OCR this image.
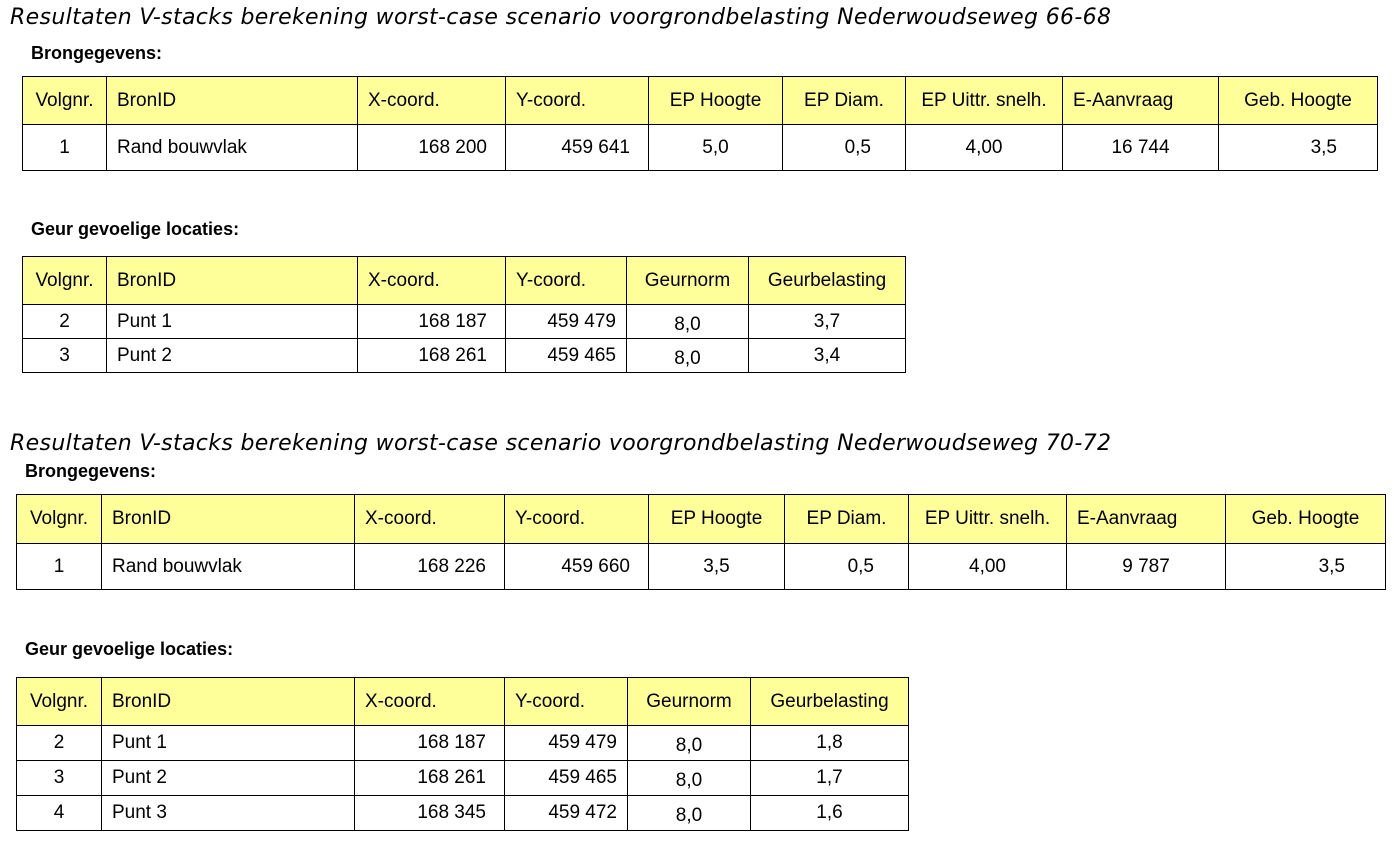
Resultaten V-stacks berekening worst-case scenario voorgrondbelasting Nederwoudseweg 66-68
Brongegevens:
Volgnr.	BronID	X-coord.	Y-coord.	EP Hoogte	EP Diam.	EP Uittr. snelh.	E-Aanvraag	Geb. Hoogte
1	Rand bouwvlak	168 200	459 641	5,0	0,5	4,00	16 744	3,5
Geur gevoelige locaties:
Volgnr.	BronID	X-coord.	Y-coord.	Geurnorm	Geurbelasting
2	Punt 1	168 187	459 479	8,0	3,7
3	Punt 2	168 261	459 465	8,0	3,4
Resultaten V-stacks berekening worst-case scenario voorgrondbelasting Nederwoudseweg 70-72
Brongegevens:
Volgnr.	BronID	X-coord.	Y-coord.	EP Hoogte	EP Diam.	EP Uittr. snelh.	E-Aanvraag	Geb. Hoogte
1	Rand bouwvlak	168 226	459 660	3,5	0,5	4,00	9 787	3,5
Geur gevoelige locaties:
Volgnr.	BronID	X-coord.	Y-coord.	Geurnorm	Geurbelasting
2	Punt 1	168 187	459 479	8,0	1,8
3	Punt 2	168 261	459 465	8,0	1,7
4	Punt 3	168 345	459 472	8,0	1,6
